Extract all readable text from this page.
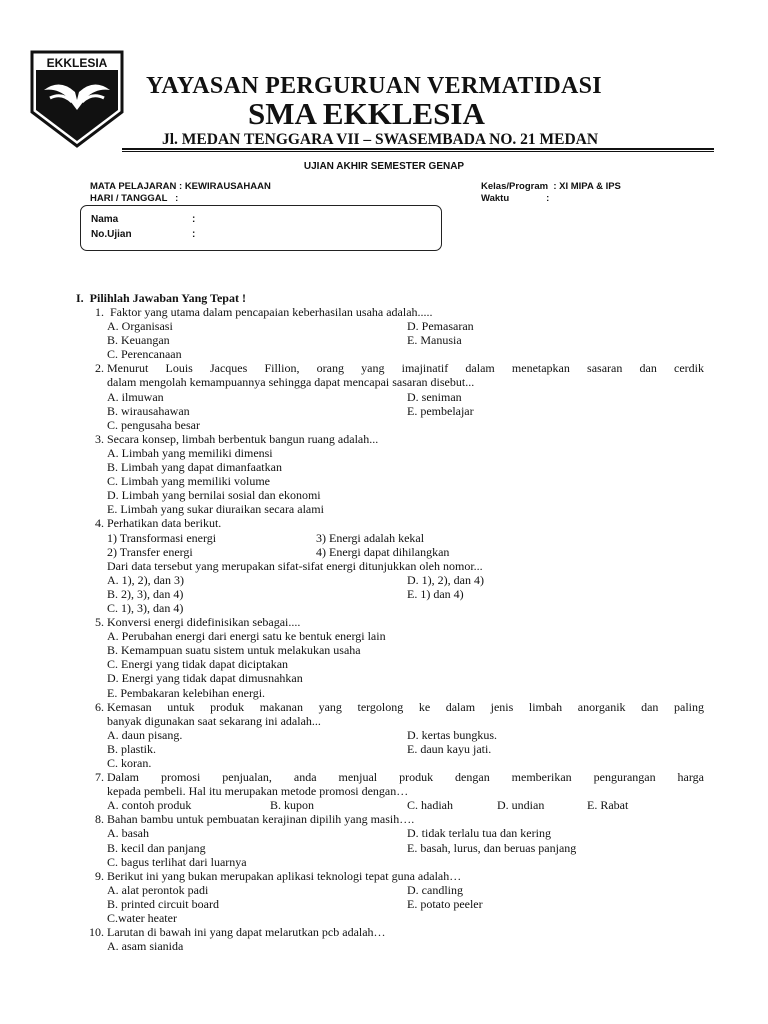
EKKLESIA
YAYASAN PERGURUAN VERMATIDASI
SMA EKKLESIA
Jl. MEDAN TENGGARA VII – SWASEMBADA NO. 21 MEDAN
UJIAN AKHIR SEMESTER GENAP
MATA PELAJARAN : KEWIRAUSAHAAN
HARI / TANGGAL   :
Kelas/Program  : XI MIPA & IPS
Waktu              :
Nama	:
No.Ujian	:
I.  Pilihlah Jawaban Yang Tepat !
1. Faktor yang utama dalam pencapaian keberhasilan usaha adalah.....
A. Organisasi	D. Pemasaran
B. Keuangan	E. Manusia
C. Perencanaan
2. Menurut Louis Jacques Fillion, orang yang imajinatif dalam menetapkan sasaran dan cerdik
dalam mengolah kemampuannya sehingga dapat mencapai sasaran disebut...
A. ilmuwan	D. seniman
B. wirausahawan	E. pembelajar
C. pengusaha besar
3. Secara konsep, limbah berbentuk bangun ruang adalah...
A. Limbah yang memiliki dimensi
B. Limbah yang dapat dimanfaatkan
C. Limbah yang memiliki volume
D. Limbah yang bernilai sosial dan ekonomi
E. Limbah yang sukar diuraikan secara alami
4. Perhatikan data berikut.
1) Transformasi energi	3) Energi adalah kekal
2) Transfer energi	4) Energi dapat dihilangkan
Dari data tersebut yang merupakan sifat-sifat energi ditunjukkan oleh nomor...
A. 1), 2), dan 3)	D. 1), 2), dan 4)
B. 2), 3), dan 4)	E. 1) dan 4)
C. 1), 3), dan 4)
5. Konversi energi didefinisikan sebagai....
A. Perubahan energi dari energi satu ke bentuk energi lain
B. Kemampuan suatu sistem untuk melakukan usaha
C. Energi yang tidak dapat diciptakan
D. Energi yang tidak dapat dimusnahkan
E. Pembakaran kelebihan energi.
6. Kemasan untuk produk makanan yang tergolong ke dalam jenis limbah anorganik dan paling
banyak digunakan saat sekarang ini adalah...
A. daun pisang.	D. kertas bungkus.
B. plastik.	E. daun kayu jati.
C. koran.
7. Dalam promosi penjualan, anda menjual produk dengan memberikan pengurangan harga
kepada pembeli. Hal itu merupakan metode promosi dengan…
A. contoh produk	B. kupon	C. hadiah	D. undian	E. Rabat
8. Bahan bambu untuk pembuatan kerajinan dipilih yang masih….
A. basah	D. tidak terlalu tua dan kering
B. kecil dan panjang	E. basah, lurus, dan beruas panjang
C. bagus terlihat dari luarnya
9. Berikut ini yang bukan merupakan aplikasi teknologi tepat guna adalah…
A. alat perontok padi	D. candling
B. printed circuit board	E. potato peeler
C.water heater
10. Larutan di bawah ini yang dapat melarutkan pcb adalah…
A. asam sianida
